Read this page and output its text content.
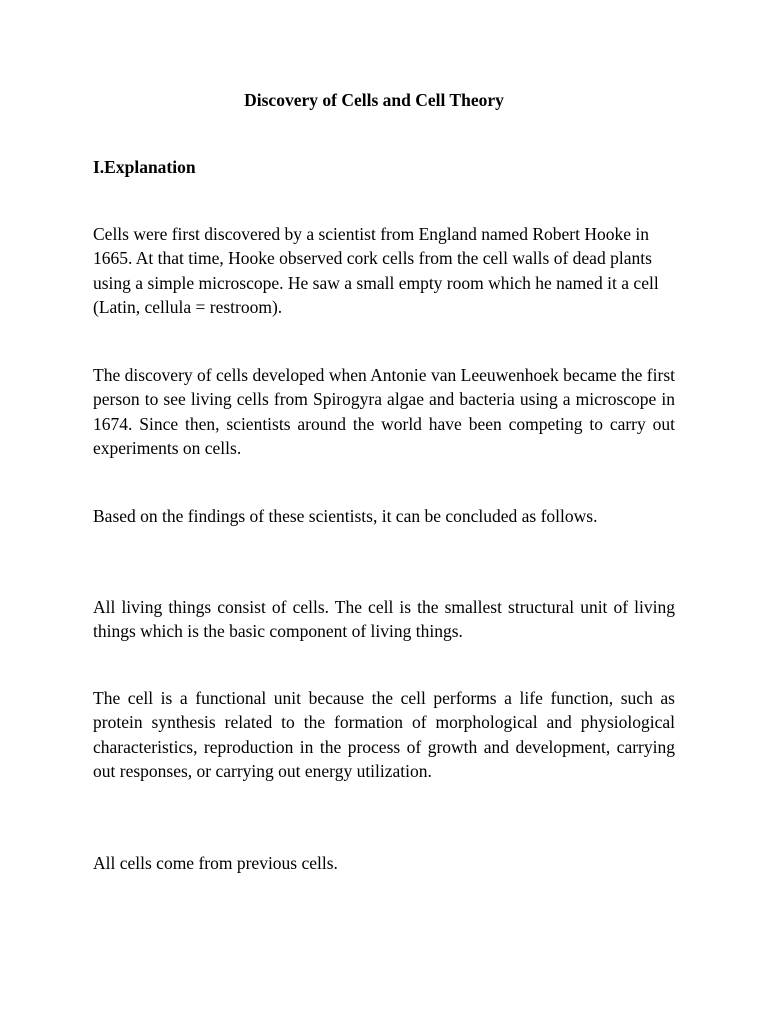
Discovery of Cells and Cell Theory
I.Explanation

Cells were first discovered by a scientist from England named Robert Hooke in 1665. At that time, Hooke observed cork cells from the cell walls of dead plants using a simple microscope. He saw a small empty room which he named it a cell (Latin, cellula = restroom).

The discovery of cells developed when Antonie van Leeuwenhoek became the first person to see living cells from Spirogyra algae and bacteria using a microscope in 1674. Since then, scientists around the world have been competing to carry out experiments on cells.

Based on the findings of these scientists, it can be concluded as follows.

All living things consist of cells. The cell is the smallest structural unit of living things which is the basic component of living things.

The cell is a functional unit because the cell performs a life function, such as protein synthesis related to the formation of morphological and physiological characteristics, reproduction in the process of growth and development, carrying out responses, or carrying out energy utilization.

All cells come from previous cells.
